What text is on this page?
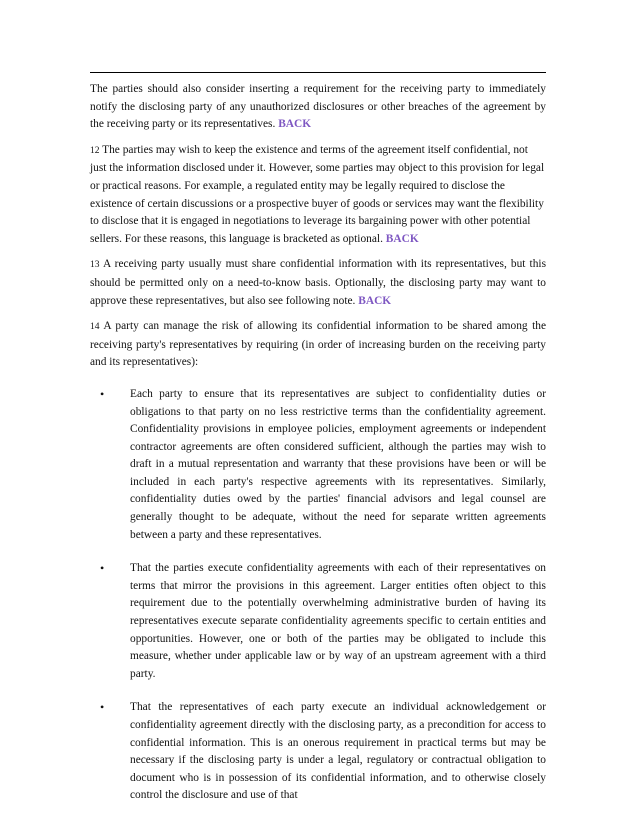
The parties should also consider inserting a requirement for the receiving party to immediately notify the disclosing party of any unauthorized disclosures or other breaches of the agreement by the receiving party or its representatives. BACK

12 The parties may wish to keep the existence and terms of the agreement itself confidential, not just the information disclosed under it. However, some parties may object to this provision for legal or practical reasons. For example, a regulated entity may be legally required to disclose the existence of certain discussions or a prospective buyer of goods or services may want the flexibility to disclose that it is engaged in negotiations to leverage its bargaining power with other potential sellers. For these reasons, this language is bracketed as optional. BACK

13 A receiving party usually must share confidential information with its representatives, but this should be permitted only on a need-to-know basis. Optionally, the disclosing party may want to approve these representatives, but also see following note. BACK

14 A party can manage the risk of allowing its confidential information to be shared among the receiving party's representatives by requiring (in order of increasing burden on the receiving party and its representatives):
• Each party to ensure that its representatives are subject to confidentiality duties or obligations to that party on no less restrictive terms than the confidentiality agreement. Confidentiality provisions in employee policies, employment agreements or independent contractor agreements are often considered sufficient, although the parties may wish to draft in a mutual representation and warranty that these provisions have been or will be included in each party's respective agreements with its representatives. Similarly, confidentiality duties owed by the parties' financial advisors and legal counsel are generally thought to be adequate, without the need for separate written agreements between a party and these representatives.
• That the parties execute confidentiality agreements with each of their representatives on terms that mirror the provisions in this agreement. Larger entities often object to this requirement due to the potentially overwhelming administrative burden of having its representatives execute separate confidentiality agreements specific to certain entities and opportunities. However, one or both of the parties may be obligated to include this measure, whether under applicable law or by way of an upstream agreement with a third party.
• That the representatives of each party execute an individual acknowledgement or confidentiality agreement directly with the disclosing party, as a precondition for access to confidential information. This is an onerous requirement in practical terms but may be necessary if the disclosing party is under a legal, regulatory or contractual obligation to document who is in possession of its confidential information, and to otherwise closely control the disclosure and use of that
